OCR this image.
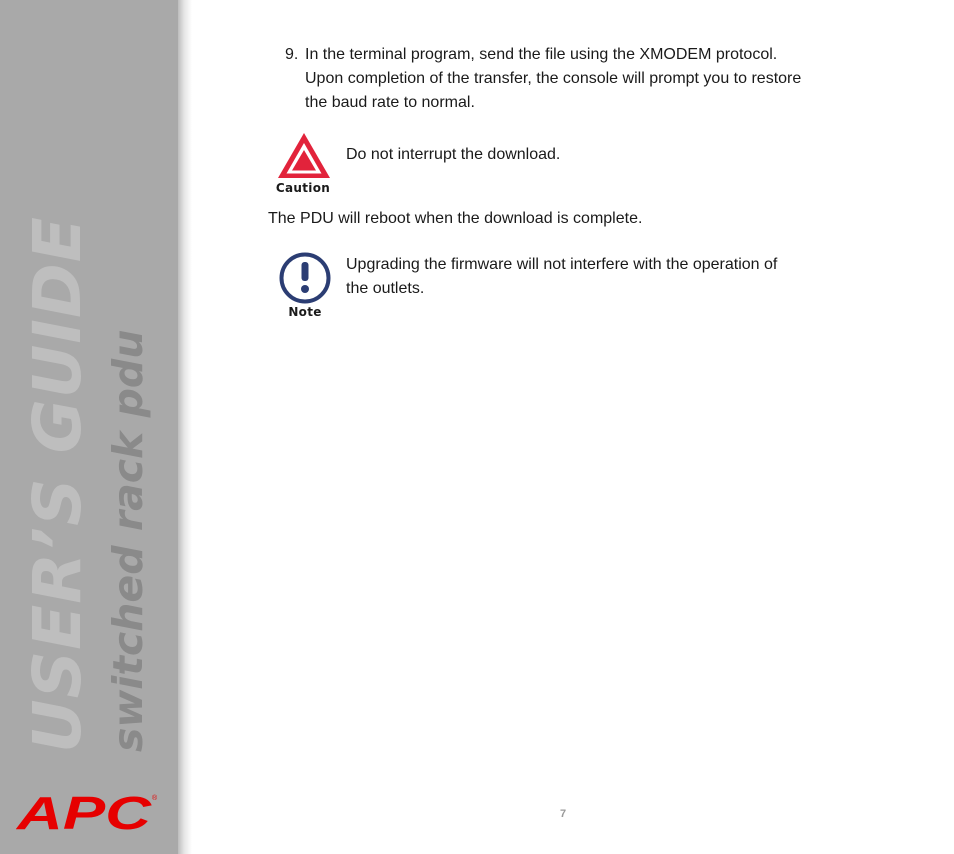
USER’S GUIDE switched rack pdu
APC ®
9. In the terminal program, send the file using the XMODEM protocol.
Upon completion of the transfer, the console will prompt you to restore
the baud rate to normal.
Caution
Do not interrupt the download.
The PDU will reboot when the download is complete.
Note
Upgrading the firmware will not interfere with the operation of
the outlets.
7
